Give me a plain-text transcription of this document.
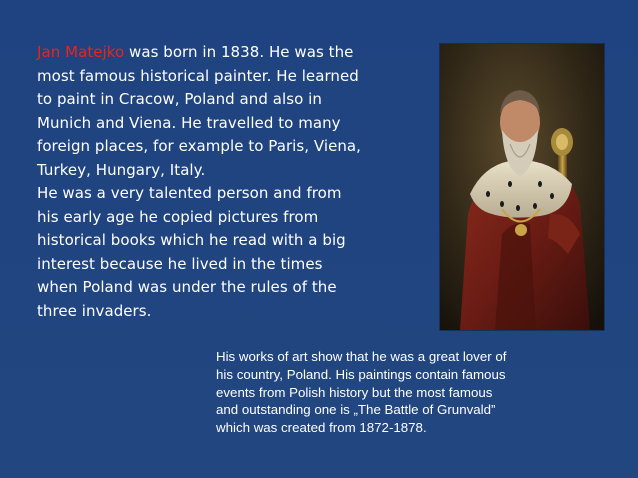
Jan Matejko was born in 1838. He was the
most famous historical painter. He learned
to paint in Cracow, Poland and also in
Munich and Viena. He travelled to many
foreign places, for example to Paris, Viena,
Turkey, Hungary, Italy.
He was a very talented person and from
his early age he copied pictures from
historical books which he read with a big
interest because he lived in the times
when Poland was under the rules of the
three invaders.
His works of art show that he was a great lover of
his country, Poland. His paintings contain famous
events from Polish history but the most famous
and outstanding one is „The Battle of Grunvald”
which was created from 1872-1878.
